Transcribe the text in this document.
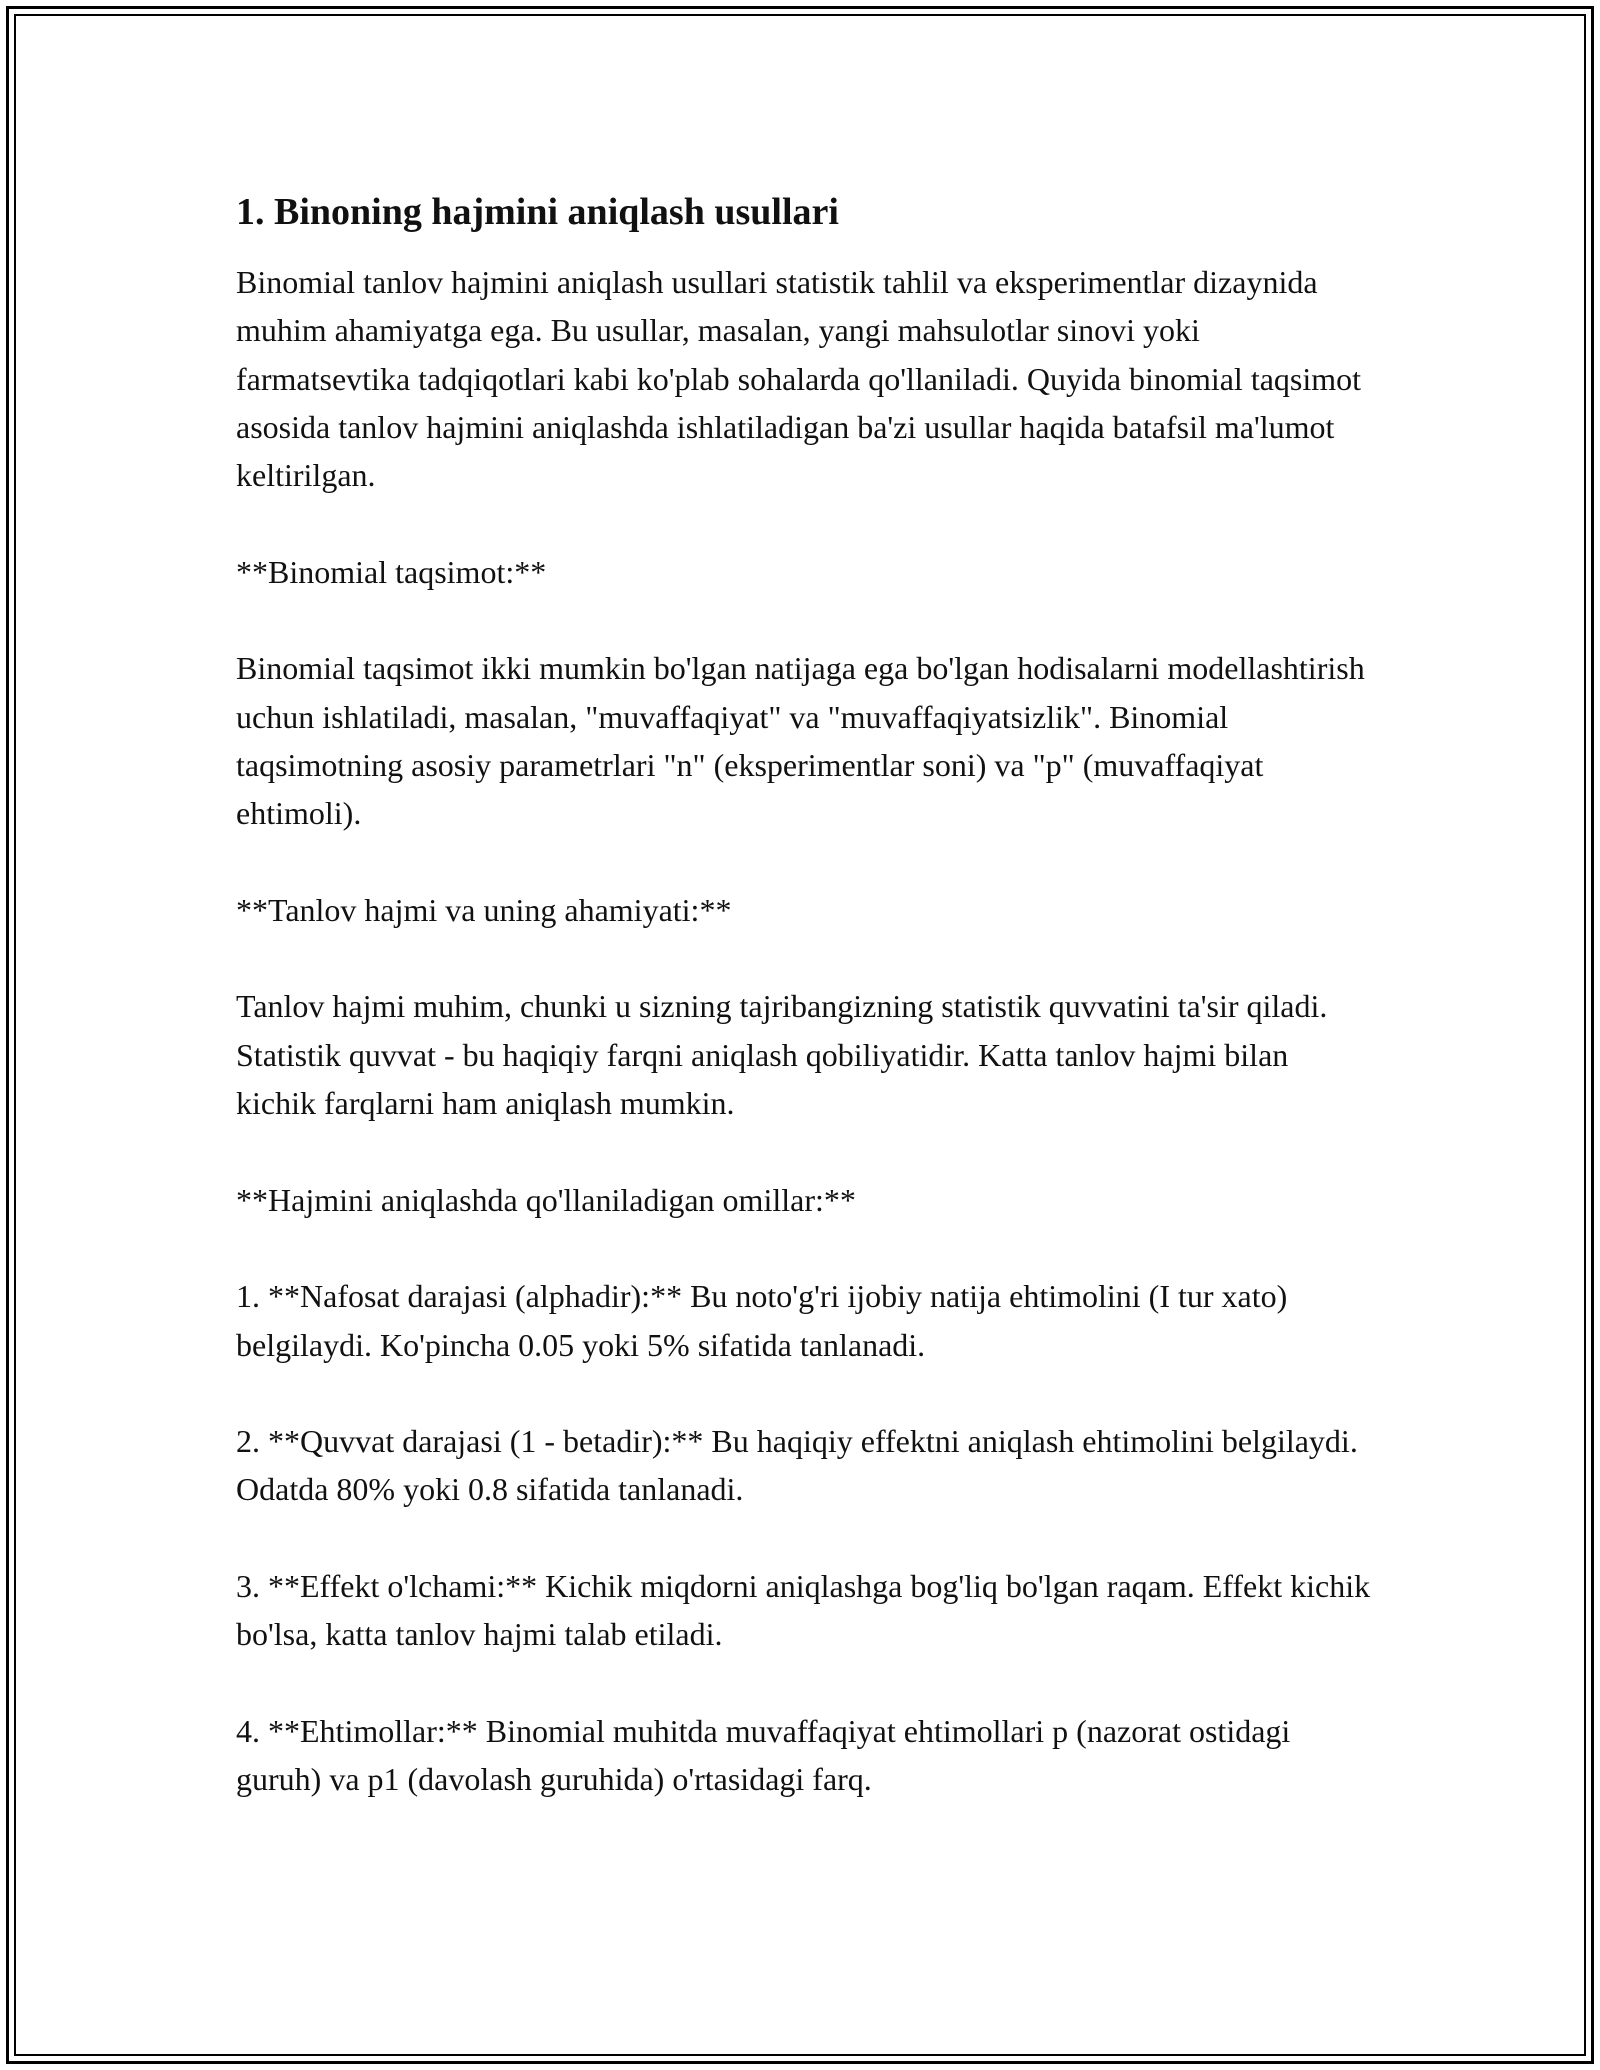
1. Binoning hajmini aniqlash usullari

Binomial tanlov hajmini aniqlash usullari statistik tahlil va eksperimentlar dizaynida muhim ahamiyatga ega. Bu usullar, masalan, yangi mahsulotlar sinovi yoki farmatsevtika tadqiqotlari kabi ko'plab sohalarda qo'llaniladi. Quyida binomial taqsimot asosida tanlov hajmini aniqlashda ishlatiladigan ba'zi usullar haqida batafsil ma'lumot keltirilgan.

**Binomial taqsimot:**

Binomial taqsimot ikki mumkin bo'lgan natijaga ega bo'lgan hodisalarni modellashtirish uchun ishlatiladi, masalan, "muvaffaqiyat" va "muvaffaqiyatsizlik". Binomial taqsimotning asosiy parametrlari "n" (eksperimentlar soni) va "p" (muvaffaqiyat ehtimoli).

**Tanlov hajmi va uning ahamiyati:**

Tanlov hajmi muhim, chunki u sizning tajribangizning statistik quvvatini ta'sir qiladi. Statistik quvvat - bu haqiqiy farqni aniqlash qobiliyatidir. Katta tanlov hajmi bilan kichik farqlarni ham aniqlash mumkin.

**Hajmini aniqlashda qo'llaniladigan omillar:**

1. **Nafosat darajasi (alphadir):** Bu noto'g'ri ijobiy natija ehtimolini (I tur xato) belgilaydi. Ko'pincha 0.05 yoki 5% sifatida tanlanadi.

2. **Quvvat darajasi (1 - betadir):** Bu haqiqiy effektni aniqlash ehtimolini belgilaydi. Odatda 80% yoki 0.8 sifatida tanlanadi.

3. **Effekt o'lchami:** Kichik miqdorni aniqlashga bog'liq bo'lgan raqam. Effekt kichik bo'lsa, katta tanlov hajmi talab etiladi.

4. **Ehtimollar:** Binomial muhitda muvaffaqiyat ehtimollari p (nazorat ostidagi guruh) va p1 (davolash guruhida) o'rtasidagi farq.
